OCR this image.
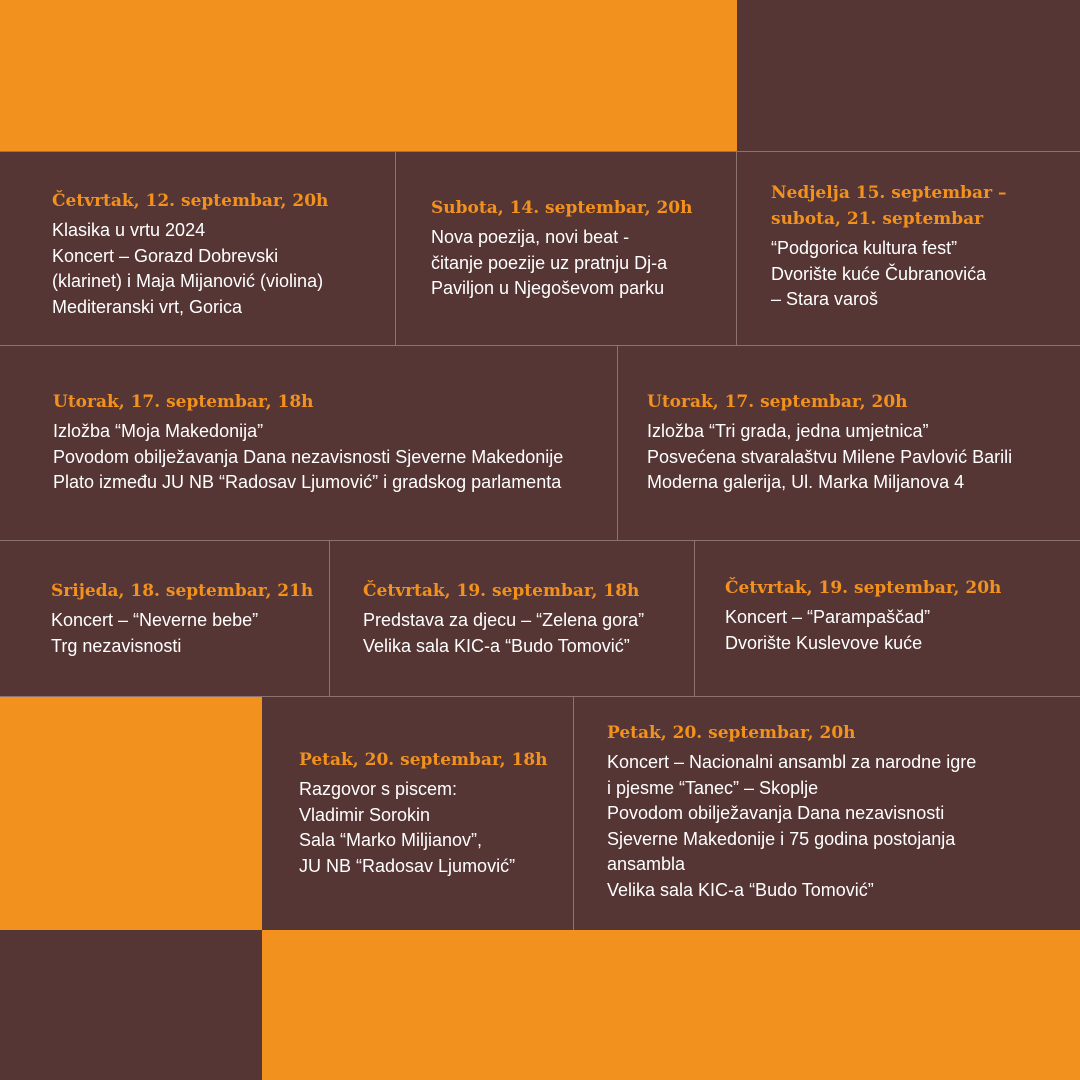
Četvrtak, 12. septembar, 20h
Klasika u vrtu 2024
Koncert – Gorazd Dobrevski
(klarinet) i Maja Mijanović (violina)
Mediteranski vrt, Gorica
Subota, 14. septembar, 20h
Nova poezija, novi beat -
čitanje poezije uz pratnju Dj-a
Paviljon u Njegoševom parku
Nedjelja 15. septembar –
subota, 21. septembar
“Podgorica kultura fest”
Dvorište kuće Čubranovića
– Stara varoš
Utorak, 17. septembar, 18h
Izložba “Moja Makedonija”
Povodom obilježavanja Dana nezavisnosti Sjeverne Makedonije
Plato između JU NB “Radosav Ljumović” i gradskog parlamenta
Utorak, 17. septembar, 20h
Izložba “Tri grada, jedna umjetnica”
Posvećena stvaralaštvu Milene Pavlović Barili
Moderna galerija, Ul. Marka Miljanova 4
Srijeda, 18. septembar, 21h
Koncert – “Neverne bebe”
Trg nezavisnosti
Četvrtak, 19. septembar, 18h
Predstava za djecu – “Zelena gora”
Velika sala KIC-a “Budo Tomović”
Četvrtak, 19. septembar, 20h
Koncert – “Parampaščad”
Dvorište Kuslevove kuće
Petak, 20. septembar, 18h
Razgovor s piscem:
Vladimir Sorokin
Sala “Marko Miljianov”,
JU NB “Radosav Ljumović”
Petak, 20. septembar, 20h
Koncert – Nacionalni ansambl za narodne igre
i pjesme “Tanec” – Skoplje
Povodom obilježavanja Dana nezavisnosti
Sjeverne Makedonije i 75 godina postojanja
ansambla
Velika sala KIC-a “Budo Tomović”
